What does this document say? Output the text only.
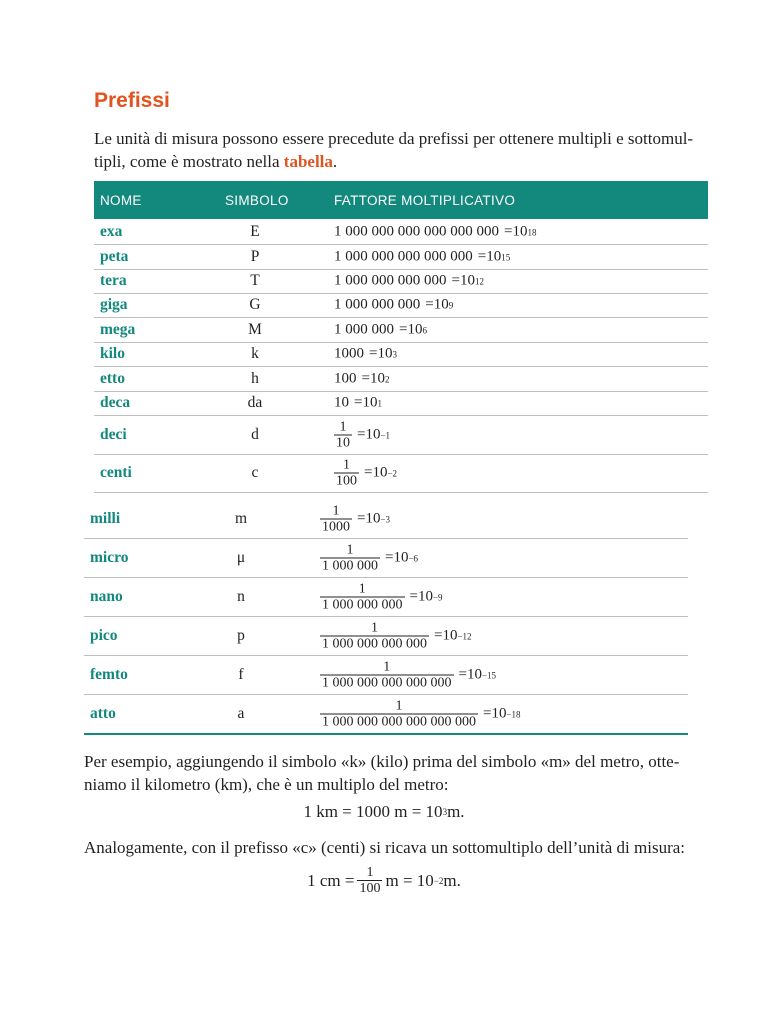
Prefissi

Le unità di misura possono essere precedute da prefissi per ottenere multipli e sottomul-tipli, come è mostrato nella tabella.

NOME	SIMBOLO	FATTORE MOLTIPLICATIVO
exa	E	1 000 000 000 000 000 000 = 10 18
peta	P	1 000 000 000 000 000 = 10 15
tera	T	1 000 000 000 000 = 10 12
giga	G	1 000 000 000 = 10 9
mega	M	1 000 000 = 10 6
kilo	k	1000 = 10 3
etto	h	100 = 10 2
deca	da	10 = 10 1
deci	d	$\frac{1}{10} = 10 -1$
centi	c	$\frac{1}{100} = 10 -2$
milli	m	$\frac{1}{1000} = 10 -3$
micro	μ	$\frac{1}{1 000 000} = 10 -6$
nano	n	$\frac{1}{1 000 000 000} = 10 -9$
pico	p	$\frac{1}{1 000 000 000 000} = 10 -12$
femto	f	$\frac{1}{1 000 000 000 000 000} = 10 -15$
atto	a	$\frac{1}{1 000 000 000 000 000 000} = 10 -18$

Per esempio, aggiungendo il simbolo «k» (kilo) prima del simbolo «m» del metro, otte-niamo il kilometro (km), che è un multiplo del metro:

1 km = 1000 m = 10 3 m.

Analogamente, con il prefisso «c» (centi) si ricava un sottomultiplo dell’unità di misura:

1 cm = $\frac{1}{100}$ m = 10 −2 m.
